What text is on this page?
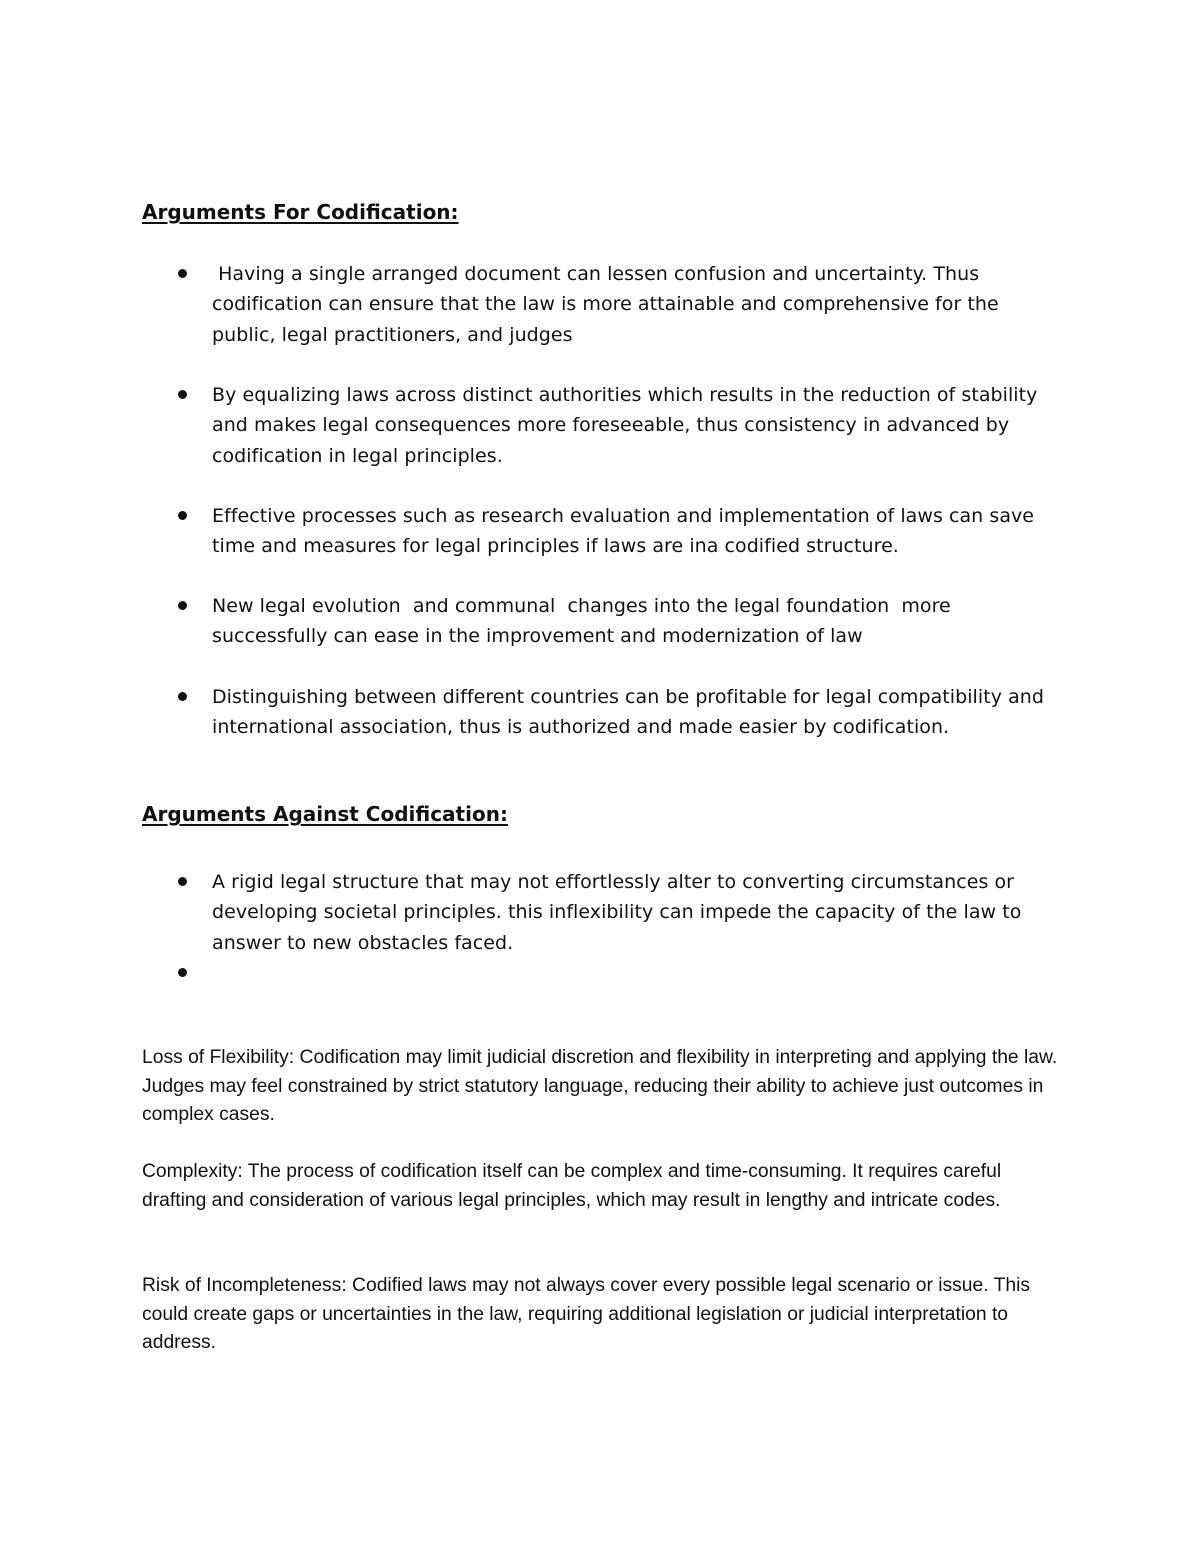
Arguments For Codification:
Having a single arranged document can lessen confusion and uncertainty. Thus codification can ensure that the law is more attainable and comprehensive for the public, legal practitioners, and judges
By equalizing laws across distinct authorities which results in the reduction of stability and makes legal consequences more foreseeable, thus consistency in advanced by codification in legal principles.
Effective processes such as research evaluation and implementation of laws can save time and measures for legal principles if laws are ina codified structure.
New legal evolution  and communal  changes into the legal foundation  more successfully can ease in the improvement and modernization of law
Distinguishing between different countries can be profitable for legal compatibility and international association, thus is authorized and made easier by codification.
Arguments Against Codification:
A rigid legal structure that may not effortlessly alter to converting circumstances or developing societal principles. this inflexibility can impede the capacity of the law to answer to new obstacles faced.

Loss of Flexibility: Codification may limit judicial discretion and flexibility in interpreting and applying the law. Judges may feel constrained by strict statutory language, reducing their ability to achieve just outcomes in complex cases.

Complexity: The process of codification itself can be complex and time-consuming. It requires careful drafting and consideration of various legal principles, which may result in lengthy and intricate codes.

Risk of Incompleteness: Codified laws may not always cover every possible legal scenario or issue. This could create gaps or uncertainties in the law, requiring additional legislation or judicial interpretation to address.
